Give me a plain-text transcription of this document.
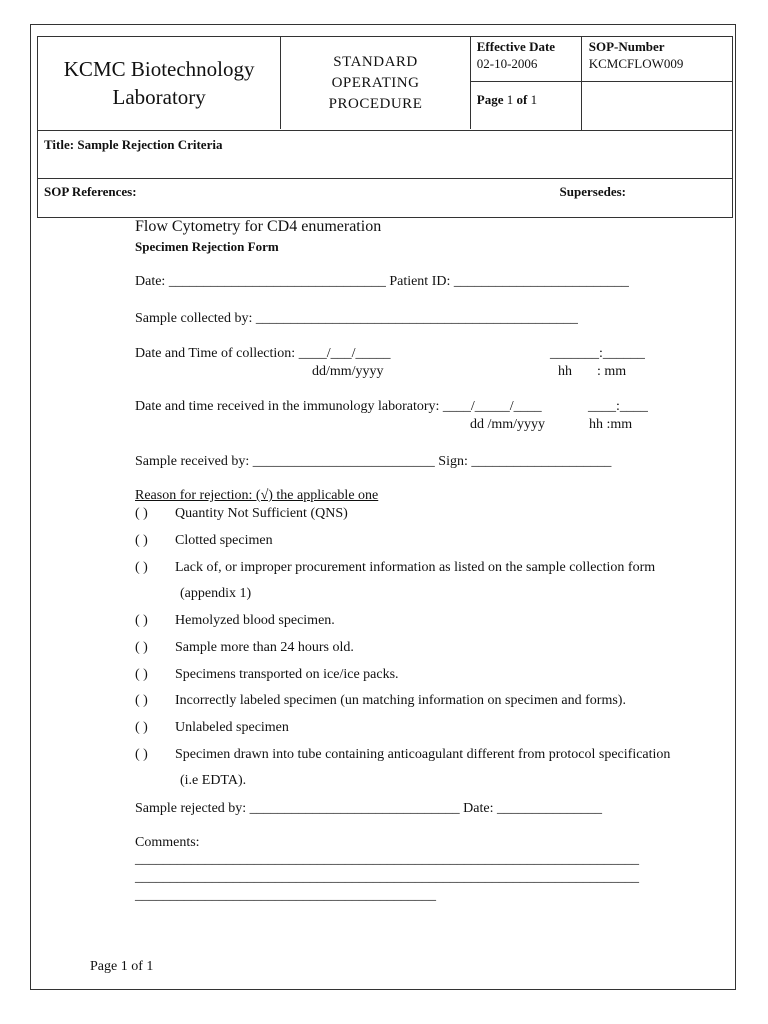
KCMC Biotechnology
Laboratory
STANDARD
OPERATING
PROCEDURE
Effective Date
02-10-2006
SOP-Number
KCMCFLOW009
Page 1 of 1
Title: Sample Rejection Criteria
SOP References:	Supersedes:
Flow Cytometry for CD4 enumeration
Specimen Rejection Form
Date: _______________________________ Patient ID: _________________________
Sample collected by: ______________________________________________
Date and Time of collection: ____/___/_____	_______:______
dd/mm/yyyy	hh : mm
Date and time received in the immunology laboratory: ____/_____/____	____:____
dd /mm/yyyy	hh :mm
Sample received by: __________________________ Sign: ____________________
Reason for rejection: (√) the applicable one
( ) Quantity Not Sufficient (QNS)
( ) Clotted specimen
( ) Lack of, or improper procurement information as listed on the sample collection form
(appendix 1)
( ) Hemolyzed blood specimen.
( ) Sample more than 24 hours old.
( ) Specimens transported on ice/ice packs.
( ) Incorrectly labeled specimen (un matching information on specimen and forms).
( ) Unlabeled specimen
( ) Specimen drawn into tube containing anticoagulant different from protocol specification
(i.e EDTA).
Sample rejected by: ______________________________ Date: _______________
Comments:
________________________________________________________________________
________________________________________________________________________
___________________________________________
Page 1 of 1
